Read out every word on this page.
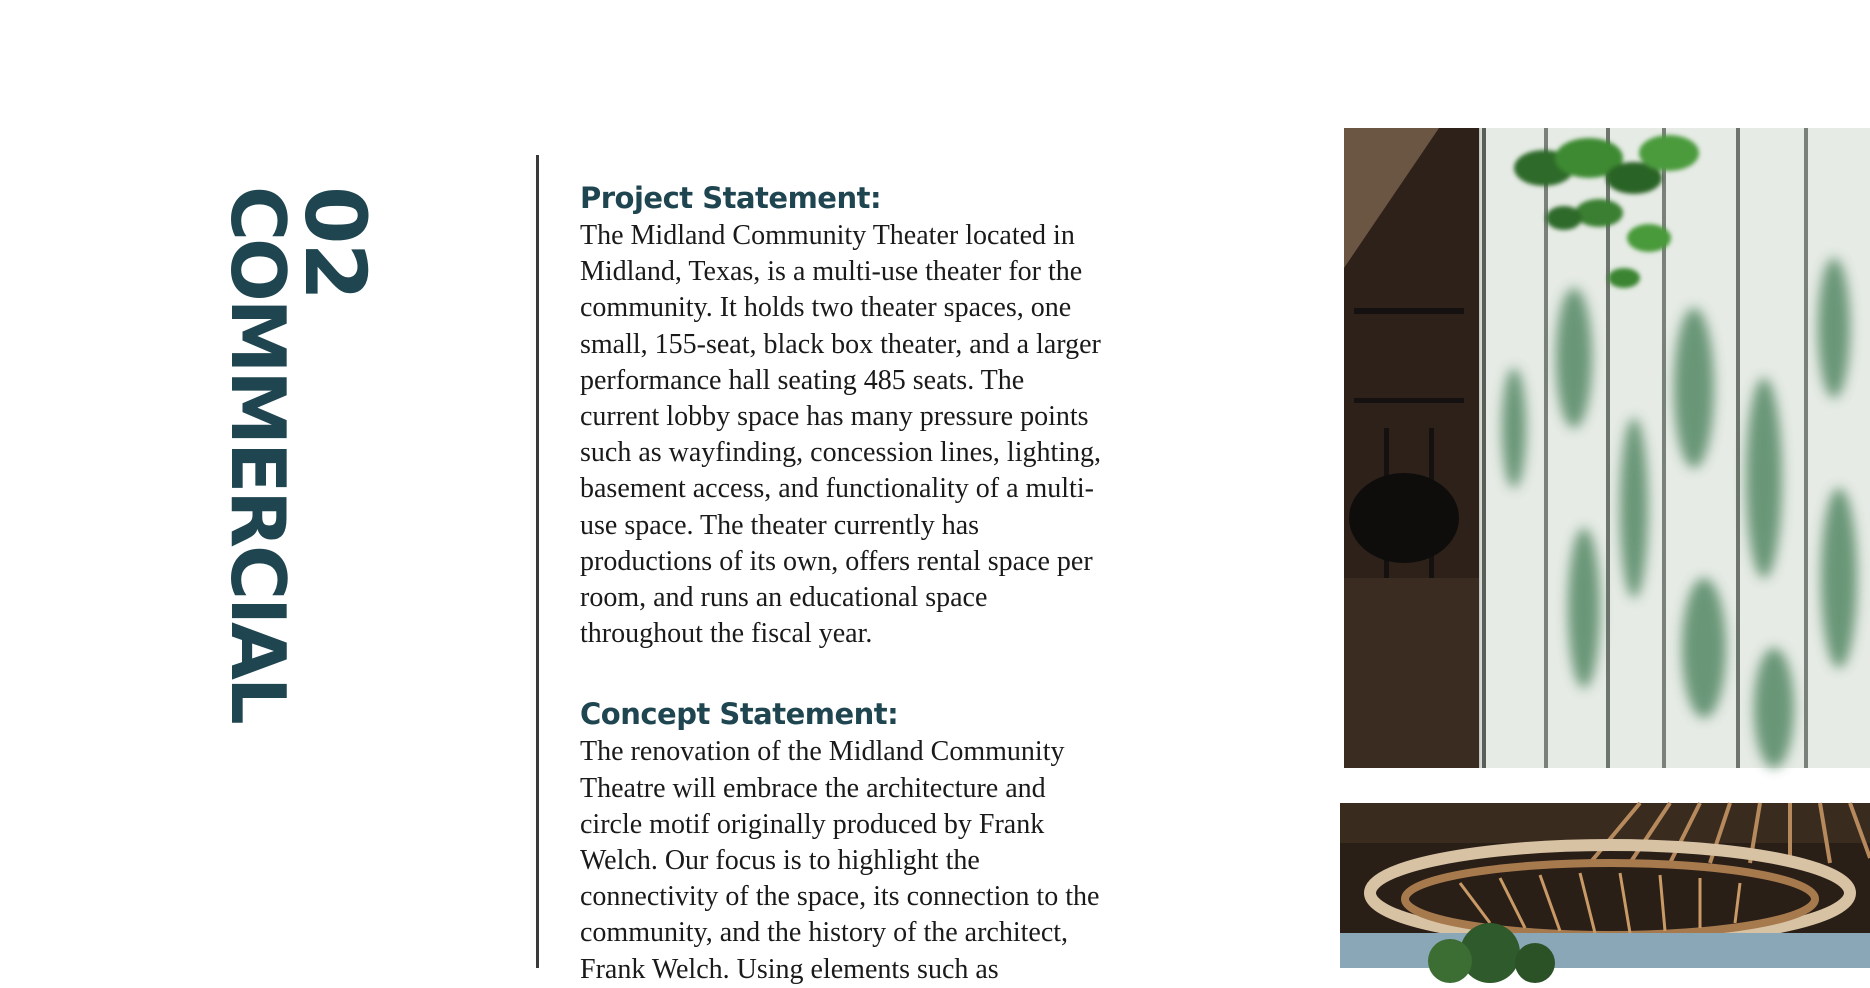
02
COMMERCIAL	Project Statement:

The Midland Community Theater located in
Midland, Texas, is a multi-use theater for the
community. It holds two theater spaces, one
small, 155-seat, black box theater, and a larger
performance hall seating 485 seats. The
current lobby space has many pressure points
such as wayfinding, concession lines, lighting,
basement access, and functionality of a multi-
use space. The theater currently has
productions of its own, offers rental space per
room, and runs an educational space
throughout the fiscal year.

Concept Statement:

The renovation of the Midland Community
Theatre will embrace the architecture and
circle motif originally produced by Frank
Welch. Our focus is to highlight the
connectivity of the space, its connection to the
community, and the history of the architect,
Frank Welch. Using elements such as
